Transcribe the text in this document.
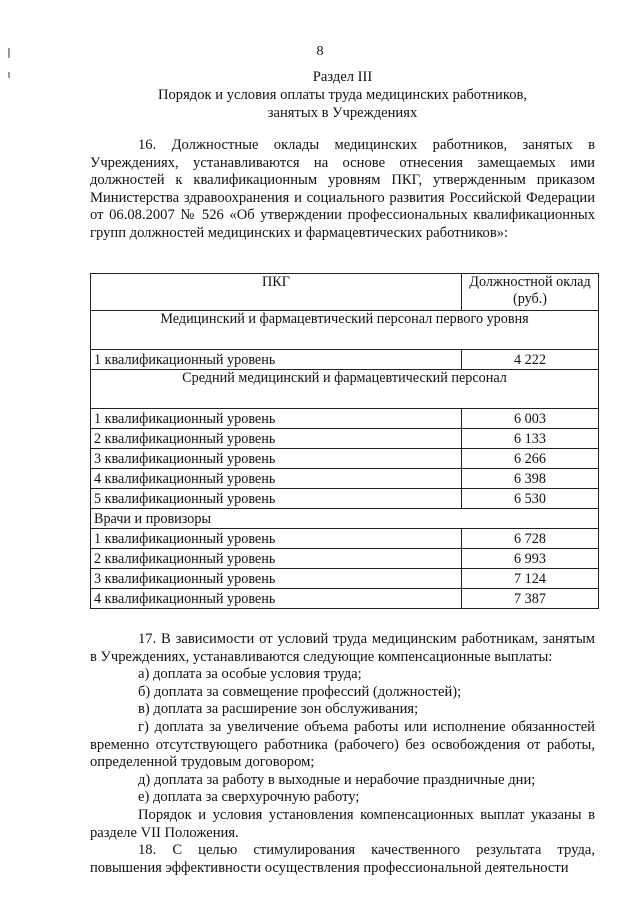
8
Раздел III
Порядок и условия оплаты труда медицинских работников,
занятых в Учреждениях
16. Должностные оклады медицинских работников, занятых в Учреждениях, устанавливаются на основе отнесения замещаемых ими должностей к квалификационным уровням ПКГ, утвержденным приказом Министерства здравоохранения и социального развития Российской Федерации от 06.08.2007 № 526 «Об утверждении профессиональных квалификационных групп должностей медицинских и фармацевтических работников»:
ПКГ	Должностной оклад (руб.)
Медицинский и фармацевтический персонал первого уровня	
1 квалификационный уровень	4 222
Средний медицинский и фармацевтический персонал	
1 квалификационный уровень	6 003
2 квалификационный уровень	6 133
3 квалификационный уровень	6 266
4 квалификационный уровень	6 398
5 квалификационный уровень	6 530
Врачи и провизоры	
1 квалификационный уровень	6 728
2 квалификационный уровень	6 993
3 квалификационный уровень	7 124
4 квалификационный уровень	7 387
17. В зависимости от условий труда медицинским работникам, занятым в Учреждениях, устанавливаются следующие компенсационные выплаты:
а) доплата за особые условия труда;
б) доплата за совмещение профессий (должностей);
в) доплата за расширение зон обслуживания;
г) доплата за увеличение объема работы или исполнение обязанностей временно отсутствующего работника (рабочего) без освобождения от работы, определенной трудовым договором;
д) доплата за работу в выходные и нерабочие праздничные дни;
е) доплата за сверхурочную работу;
Порядок и условия установления компенсационных выплат указаны в разделе VII Положения.
18. С целью стимулирования качественного результата труда, повышения эффективности осуществления профессиональной деятельности
